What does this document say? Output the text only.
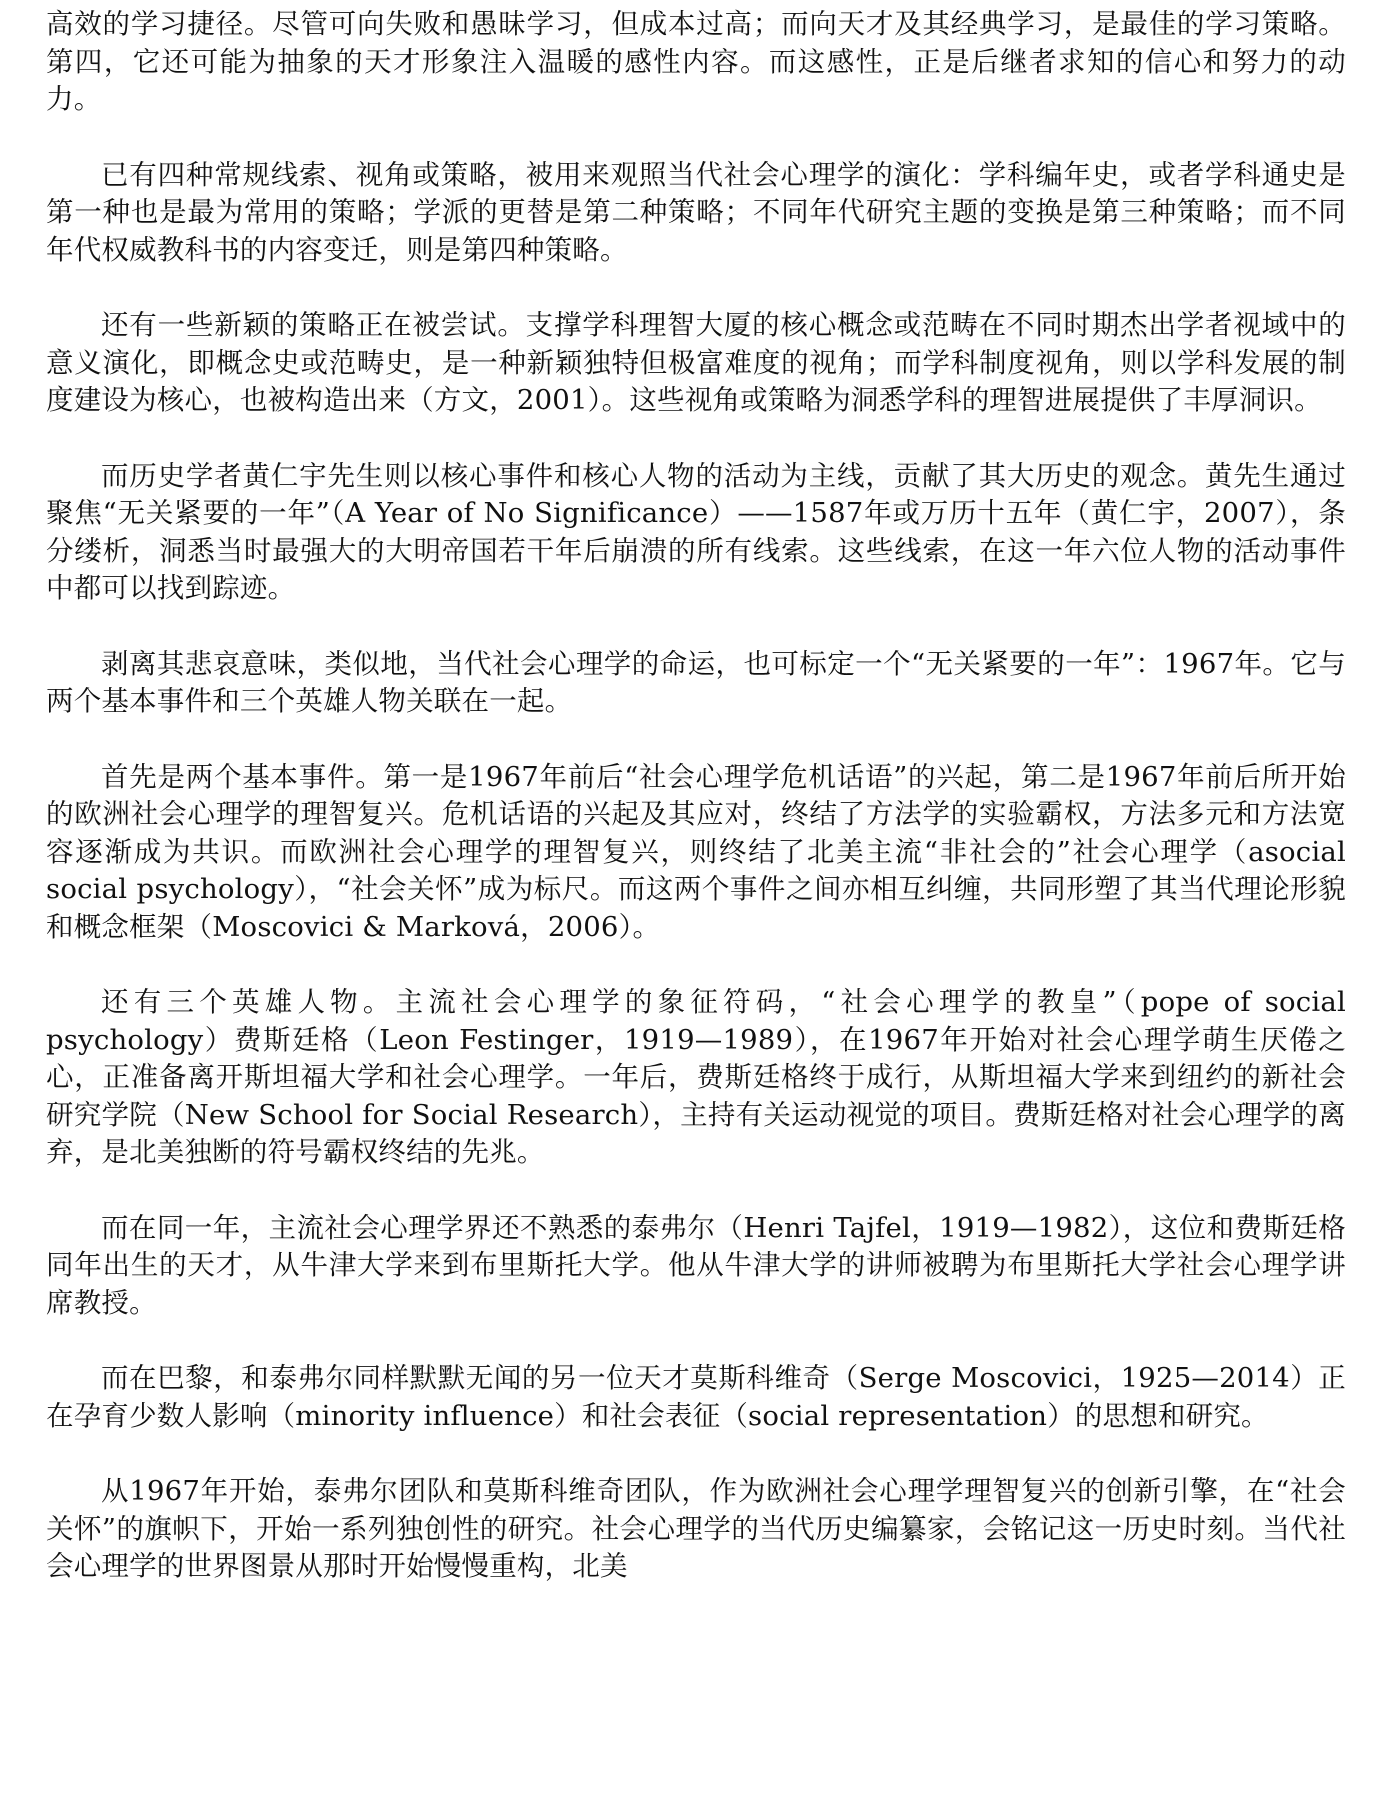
高效的学习捷径。尽管可向失败和愚昧学习，但成本过高；而向天才及其经典学习，是最佳的学习策略。第四，它还可能为抽象的天才形象注入温暖的感性内容。而这感性，正是后继者求知的信心和努力的动力。

已有四种常规线索、视角或策略，被用来观照当代社会心理学的演化：学科编年史，或者学科通史是第一种也是最为常用的策略；学派的更替是第二种策略；不同年代研究主题的变换是第三种策略；而不同年代权威教科书的内容变迁，则是第四种策略。

还有一些新颖的策略正在被尝试。支撑学科理智大厦的核心概念或范畴在不同时期杰出学者视域中的意义演化，即概念史或范畴史，是一种新颖独特但极富难度的视角；而学科制度视角，则以学科发展的制度建设为核心，也被构造出来（方文，2001）。这些视角或策略为洞悉学科的理智进展提供了丰厚洞识。

而历史学者黄仁宇先生则以核心事件和核心人物的活动为主线，贡献了其大历史的观念。黄先生通过聚焦“无关紧要的一年”（A Year of No Significance）——1587年或万历十五年（黄仁宇，2007），条分缕析，洞悉当时最强大的大明帝国若干年后崩溃的所有线索。这些线索，在这一年六位人物的活动事件中都可以找到踪迹。

剥离其悲哀意味，类似地，当代社会心理学的命运，也可标定一个“无关紧要的一年”：1967年。它与两个基本事件和三个英雄人物关联在一起。

首先是两个基本事件。第一是1967年前后“社会心理学危机话语”的兴起，第二是1967年前后所开始的欧洲社会心理学的理智复兴。危机话语的兴起及其应对，终结了方法学的实验霸权，方法多元和方法宽容逐渐成为共识。而欧洲社会心理学的理智复兴，则终结了北美主流“非社会的”社会心理学（asocial social psychology），“社会关怀”成为标尺。而这两个事件之间亦相互纠缠，共同形塑了其当代理论形貌和概念框架（Moscovici & Marková，2006）。

还有三个英雄人物。主流社会心理学的象征符码，“社会心理学的教皇”（pope of social psychology）费斯廷格（Leon Festinger，1919—1989），在1967年开始对社会心理学萌生厌倦之心，正准备离开斯坦福大学和社会心理学。一年后，费斯廷格终于成行，从斯坦福大学来到纽约的新社会研究学院（New School for Social Research），主持有关运动视觉的项目。费斯廷格对社会心理学的离弃，是北美独断的符号霸权终结的先兆。

而在同一年，主流社会心理学界还不熟悉的泰弗尔（Henri Tajfel，1919—1982），这位和费斯廷格同年出生的天才，从牛津大学来到布里斯托大学。他从牛津大学的讲师被聘为布里斯托大学社会心理学讲席教授。

而在巴黎，和泰弗尔同样默默无闻的另一位天才莫斯科维奇（Serge Moscovici，1925—2014）正在孕育少数人影响（minority influence）和社会表征（social representation）的思想和研究。

从1967年开始，泰弗尔团队和莫斯科维奇团队，作为欧洲社会心理学理智复兴的创新引擎，在“社会关怀”的旗帜下，开始一系列独创性的研究。社会心理学的当代历史编纂家，会铭记这一历史时刻。当代社会心理学的世界图景从那时开始慢慢重构，北美
